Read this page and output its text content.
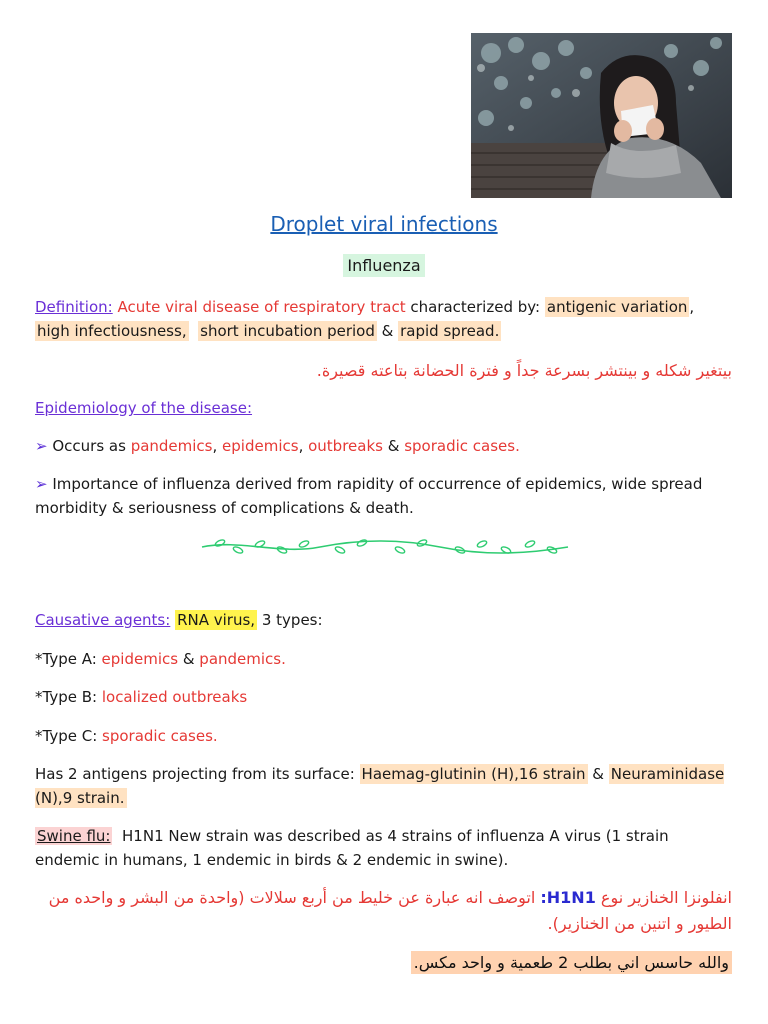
Droplet viral infections
Influenza
Definition: Acute viral disease of respiratory tract characterized by: antigenic variation ,
high infectiousness, short incubation period & rapid spread.
بيتغير شكله و بينتشر بسرعة جداً و فترة الحضانة بتاعته قصيرة.
Epidemiology of the disease:
➢ Occurs as pandemics, epidemics, outbreaks & sporadic cases.
➢ Importance of influenza derived from rapidity of occurrence of epidemics, wide spread morbidity & seriousness of complications & death.
Causative agents: RNA virus, 3 types:
*Type A: epidemics & pandemics.
*Type B: localized outbreaks
*Type C: sporadic cases.
Has 2 antigens projecting from its surface: Haemag-glutinin (H),16 strain & Neuraminidase (N),9 strain.
Swine flu:  H1N1 New strain was described as 4 strains of influenza A virus (1 strain endemic in humans, 1 endemic in birds & 2 endemic in swine).
انفلونزا الخنازير نوع H1N1: اتوصف انه عبارة عن خليط من أربع سلالات (واحدة من البشر و واحده من الطيور و اتنين من الخنازير).
والله حاسس اني بطلب 2 طعمية و واحد مكس.
